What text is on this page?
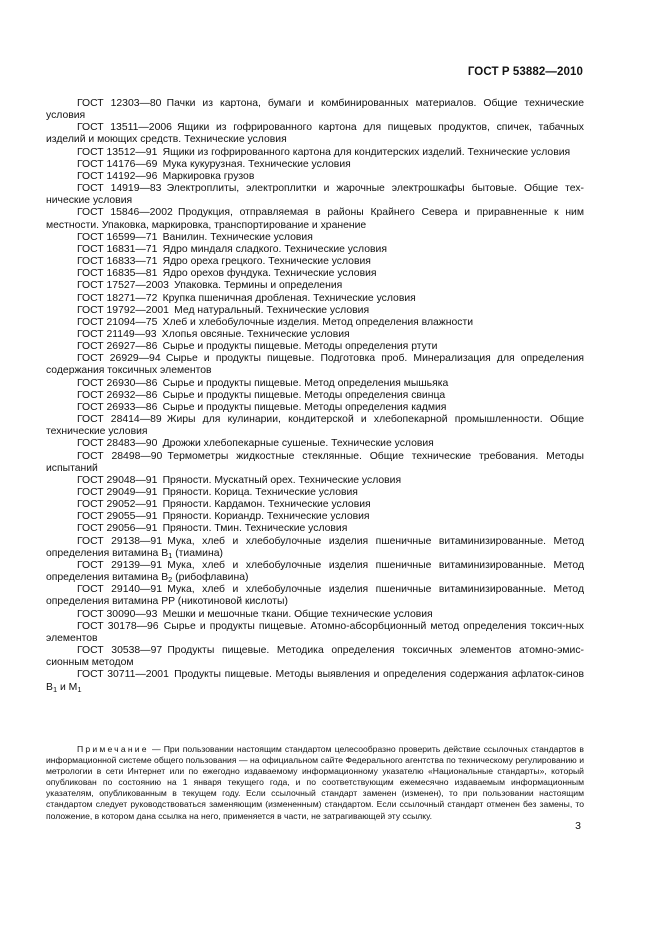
ГОСТ Р 53882—2010

ГОСТ 12303—80  Пачки из картона, бумаги и комбинированных материалов. Общие технические условия

ГОСТ 13511—2006  Ящики из гофрированного картона для пищевых продуктов, спичек, табачных изделий и моющих средств. Технические условия

ГОСТ 13512—91  Ящики из гофрированного картона для кондитерских изделий. Технические условия

ГОСТ 14176—69  Мука кукурузная. Технические условия

ГОСТ 14192—96  Маркировка грузов

ГОСТ 14919—83  Электроплиты, электроплитки и жарочные электрошкафы бытовые. Общие тех-нические условия

ГОСТ 15846—2002  Продукция, отправляемая в районы Крайнего Севера и приравненные к ним местности. Упаковка, маркировка, транспортирование и хранение

ГОСТ 16599—71  Ванилин. Технические условия

ГОСТ 16831—71  Ядро миндаля сладкого. Технические условия

ГОСТ 16833—71  Ядро ореха грецкого. Технические условия

ГОСТ 16835—81  Ядро орехов фундука. Технические условия

ГОСТ 17527—2003  Упаковка. Термины и определения

ГОСТ 18271—72  Крупка пшеничная дробленая. Технические условия

ГОСТ 19792—2001  Мед натуральный. Технические условия

ГОСТ 21094—75  Хлеб и хлебобулочные изделия. Метод определения влажности

ГОСТ 21149—93  Хлопья овсяные. Технические условия

ГОСТ 26927—86  Сырье и продукты пищевые. Методы определения ртути

ГОСТ 26929—94  Сырье и продукты пищевые. Подготовка проб. Минерализация для определения содержания токсичных элементов

ГОСТ 26930—86  Сырье и продукты пищевые. Метод определения мышьяка

ГОСТ 26932—86  Сырье и продукты пищевые. Методы определения свинца

ГОСТ 26933—86  Сырье и продукты пищевые. Методы определения кадмия

ГОСТ 28414—89  Жиры для кулинарии, кондитерской и хлебопекарной промышленности. Общие технические условия

ГОСТ 28483—90  Дрожжи хлебопекарные сушеные. Технические условия

ГОСТ 28498—90  Термометры жидкостные стеклянные. Общие технические требования. Методы испытаний

ГОСТ 29048—91  Пряности. Мускатный орех. Технические условия

ГОСТ 29049—91  Пряности. Корица. Технические условия

ГОСТ 29052—91  Пряности. Кардамон. Технические условия

ГОСТ 29055—91  Пряности. Кориандр. Технические условия

ГОСТ 29056—91  Пряности. Тмин. Технические условия

ГОСТ 29138—91  Мука, хлеб и хлебобулочные изделия пшеничные витаминизированные. Метод определения витамина $B_1$ (тиамина)

ГОСТ 29139—91  Мука, хлеб и хлебобулочные изделия пшеничные витаминизированные. Метод определения витамина $B_2$ (рибофлавина)

ГОСТ 29140—91  Мука, хлеб и хлебобулочные изделия пшеничные витаминизированные. Метод определения витамина PP (никотиновой кислоты)

ГОСТ 30090—93  Мешки и мешочные ткани. Общие технические условия

ГОСТ 30178—96  Сырье и продукты пищевые. Атомно-абсорбционный метод определения токсич-ных элементов

ГОСТ 30538—97  Продукты пищевые. Методика определения токсичных элементов атомно-эмис-сионным методом

ГОСТ 30711—2001  Продукты пищевые. Методы выявления и определения содержания афлаток-синов $B_1$ и $M_1$

Примечание — При пользовании настоящим стандартом целесообразно проверить действие ссылочных стандартов в информационной системе общего пользования — на официальном сайте Федерального агентства по техническому регулированию и метрологии в сети Интернет или по ежегодно издаваемому информационному указателю «Национальные стандарты», который опубликован по состоянию на 1 января текущего года, и по соответствующим ежемесячно издаваемым информационным указателям, опубликованным в текущем году. Если ссылочный стандарт заменен (изменен), то при пользовании настоящим стандартом следует руководствоваться заменяющим (измененным) стандартом. Если ссылочный стандарт отменен без замены, то положение, в котором дана ссылка на него, применяется в части, не затрагивающей эту ссылку.

3
